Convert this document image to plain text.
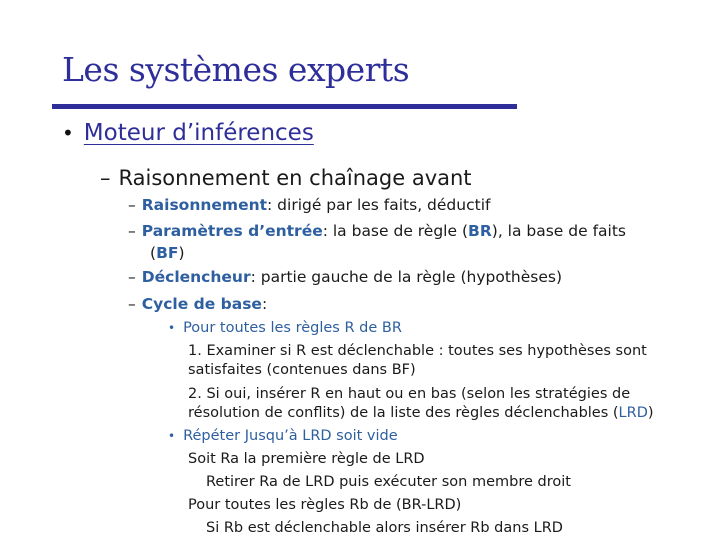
Les systèmes experts
• Moteur d’inférences
– Raisonnement en chaînage avant
– Raisonnement: dirigé par les faits, déductif
– Paramètres d’entrée: la base de règle (BR), la base de faits
(BF)
– Déclencheur: partie gauche de la règle (hypothèses)
– Cycle de base:
• Pour toutes les règles R de BR
1. Examiner si R est déclenchable : toutes ses hypothèses sont
satisfaites (contenues dans BF)
2. Si oui, insérer R en haut ou en bas (selon les stratégies de
résolution de conflits) de la liste des règles déclenchables (LRD)
• Répéter Jusqu’à LRD soit vide
Soit Ra la première règle de LRD
Retirer Ra de LRD puis exécuter son membre droit
Pour toutes les règles Rb de (BR-LRD)
Si Rb est déclenchable alors insérer Rb dans LRD
